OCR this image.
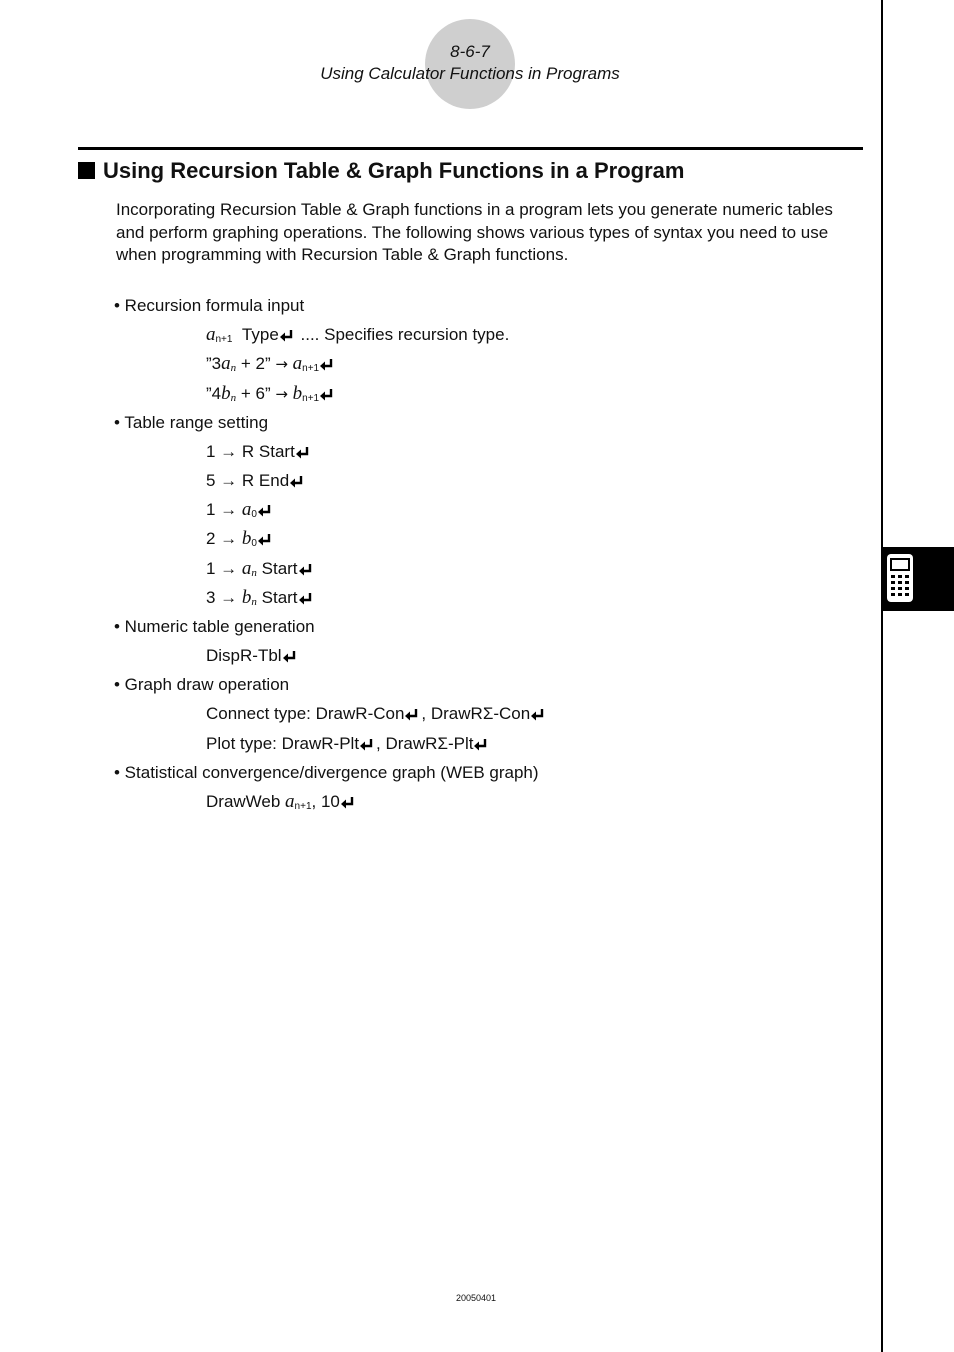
8-6-7
Using Calculator Functions in Programs
Using Recursion Table & Graph Functions in a Program
Incorporating Recursion Table & Graph functions in a program lets you generate numeric tables and perform graphing operations. The following shows various types of syntax you need to use when programming with Recursion Table & Graph functions.
• Recursion formula input
$a_{n+1}$ Type .... Specifies recursion type.
”3an + 2” → $a_{n+1}$
”4bn + 6” → $b_{n+1}$
• Table range setting
1 → R Start
5 → R End
$1 \to a_0$
$2 \to b_0$
1 → an Start
3 → bn Start
• Numeric table generation
DispR-Tbl
• Graph draw operation
Connect type: DrawR-Con , DrawRΣ-Con
Plot type: DrawR-Plt , DrawRΣ-Plt
• Statistical convergence/divergence graph (WEB graph)
DrawWeb $a_{n+1}$, 10
20050401
